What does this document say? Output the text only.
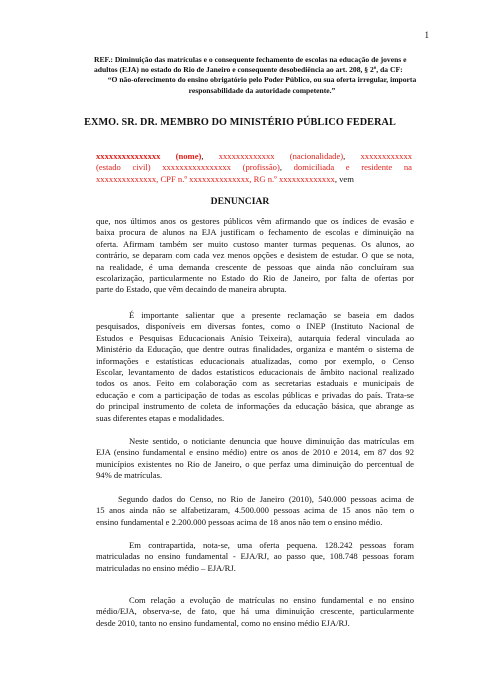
1
REF.: Diminuição das matrículas e o consequente fechamento de escolas na educação de jovens e
adultos (EJA) no estado do Rio de Janeiro e consequente desobediência ao art. 208, § 2º, da CF:
“O não-oferecimento do ensino obrigatório pelo Poder Público, ou sua oferta irregular, importa
responsabilidade da autoridade competente.”
EXMO. SR. DR. MEMBRO DO MINISTÉRIO PÚBLICO FEDERAL
xxxxxxxxxxxxxxx (nome), xxxxxxxxxxxxx (nacionalidade), xxxxxxxxxxxx
(estado civil) xxxxxxxxxxxxxxxx (profissão), domiciliada e residente na
xxxxxxxxxxxxxx, CPF n.º xxxxxxxxxxxxxx, RG n.º xxxxxxxxxxxxx, vem
DENUNCIAR
que, nos últimos anos os gestores públicos vêm afirmando que os índices de evasão e
baixa procura de alunos na EJA justificam o fechamento de escolas e diminuição na
oferta. Afirmam também ser muito custoso manter turmas pequenas. Os alunos, ao
contrário, se deparam com cada vez menos opções e desistem de estudar. O que se nota,
na realidade, é uma demanda crescente de pessoas que ainda não concluíram sua
escolarização, particularmente no Estado do Rio de Janeiro, por falta de ofertas por
parte do Estado, que vêm decaindo de maneira abrupta.
É importante salientar que a presente reclamação se baseia em dados
pesquisados, disponíveis em diversas fontes, como o INEP (Instituto Nacional de
Estudos e Pesquisas Educacionais Anísio Teixeira), autarquia federal vinculada ao
Ministério da Educação, que dentre outras finalidades, organiza e mantém o sistema de
informações e estatísticas educacionais atualizadas, como por exemplo, o Censo
Escolar, levantamento de dados estatísticos educacionais de âmbito nacional realizado
todos os anos. Feito em colaboração com as secretarias estaduais e municipais de
educação e com a participação de todas as escolas públicas e privadas do país. Trata-se
do principal instrumento de coleta de informações da educação básica, que abrange as
suas diferentes etapas e modalidades.
Neste sentido, o noticiante denuncia que houve diminuição das matrículas em
EJA (ensino fundamental e ensino médio) entre os anos de 2010 e 2014, em 87 dos 92
municípios existentes no Rio de Janeiro, o que perfaz uma diminuição do percentual de
94% de matrículas.
Segundo dados do Censo, no Rio de Janeiro (2010), 540.000 pessoas acima de
15 anos ainda não se alfabetizaram, 4.500.000 pessoas acima de 15 anos não tem o
ensino fundamental e 2.200.000 pessoas acima de 18 anos não tem o ensino médio.
Em contrapartida, nota-se, uma oferta pequena. 128.242 pessoas foram
matriculadas no ensino fundamental - EJA/RJ, ao passo que, 108.748 pessoas foram
matriculadas no ensino médio – EJA/RJ.
Com relação a evolução de matrículas no ensino fundamental e no ensino
médio/EJA, observa-se, de fato, que há uma diminuição crescente, particularmente
desde 2010, tanto no ensino fundamental, como no ensino médio EJA/RJ.
